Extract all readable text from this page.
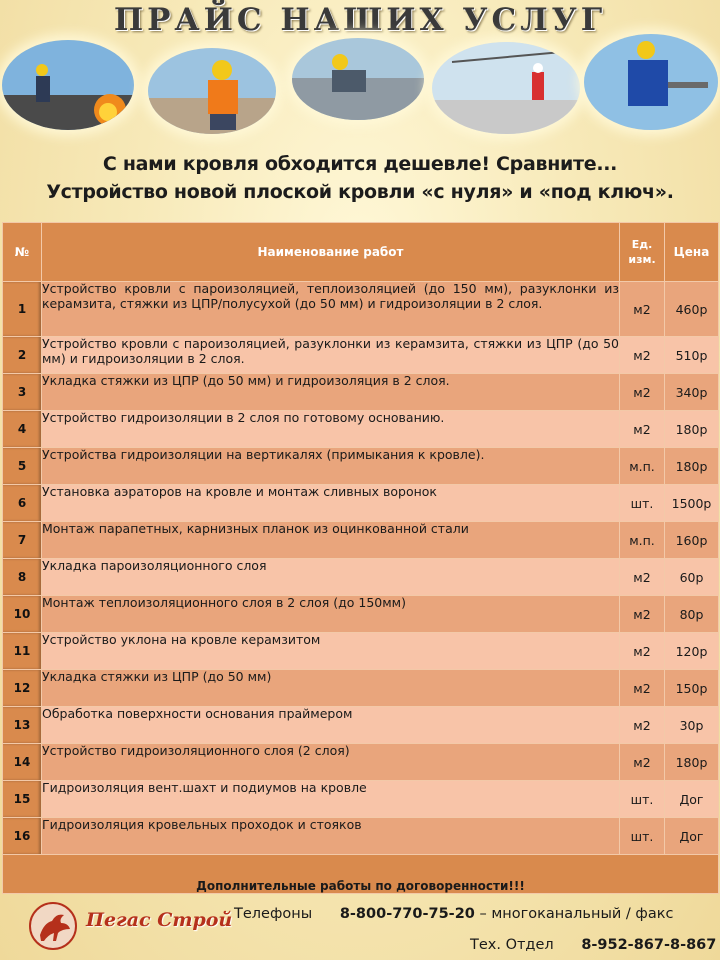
ПРАЙС НАШИХ УСЛУГ
С нами кровля обходится дешевле! Сравните...
Устройство новой плоской кровли «с нуля» и «под ключ».
№	Наименование работ	Ед. изм.	Цена
1	Устройство кровли с пароизоляцией, теплоизоляцией (до 150 мм), разуклонки из керамзита, стяжки из ЦПР/полусухой (до 50 мм) и гидроизоляции в 2 слоя.	м2	460р
2	Устройство кровли с пароизоляцией, разуклонки из керамзита, стяжки из ЦПР (до 50 мм) и гидроизоляции в 2 слоя.	м2	510р
3	Укладка стяжки из ЦПР (до 50 мм) и гидроизоляция в 2 слоя.	м2	340р
4	Устройство гидроизоляции в 2 слоя по готовому основанию.	м2	180р
5	Устройства гидроизоляции на вертикалях (примыкания к кровле).	м.п.	180р
6	Установка аэраторов на кровле и монтаж сливных воронок	шт.	1500р
7	Монтаж парапетных, карнизных планок из оцинкованной стали	м.п.	160р
8	Укладка пароизоляционного слоя	м2	60р
10	Монтаж теплоизоляционного слоя в 2 слоя (до 150мм)	м2	80р
11	Устройство уклона на кровле керамзитом	м2	120р
12	Укладка стяжки из ЦПР (до 50 мм)	м2	150р
13	Обработка поверхности основания праймером	м2	30р
14	Устройство гидроизоляционного слоя (2 слоя)	м2	180р
15	Гидроизоляция вент.шахт и подиумов на кровле	шт.	Дог
16	Гидроизоляция кровельных проходок и стояков	шт.	Дог
Дополнительные работы по договоренности!!!			
Пегас Строй Телефоны 8-800-770-75-20 – многоканальный / факс
Тех. Отдел 8-952-867-8-867
